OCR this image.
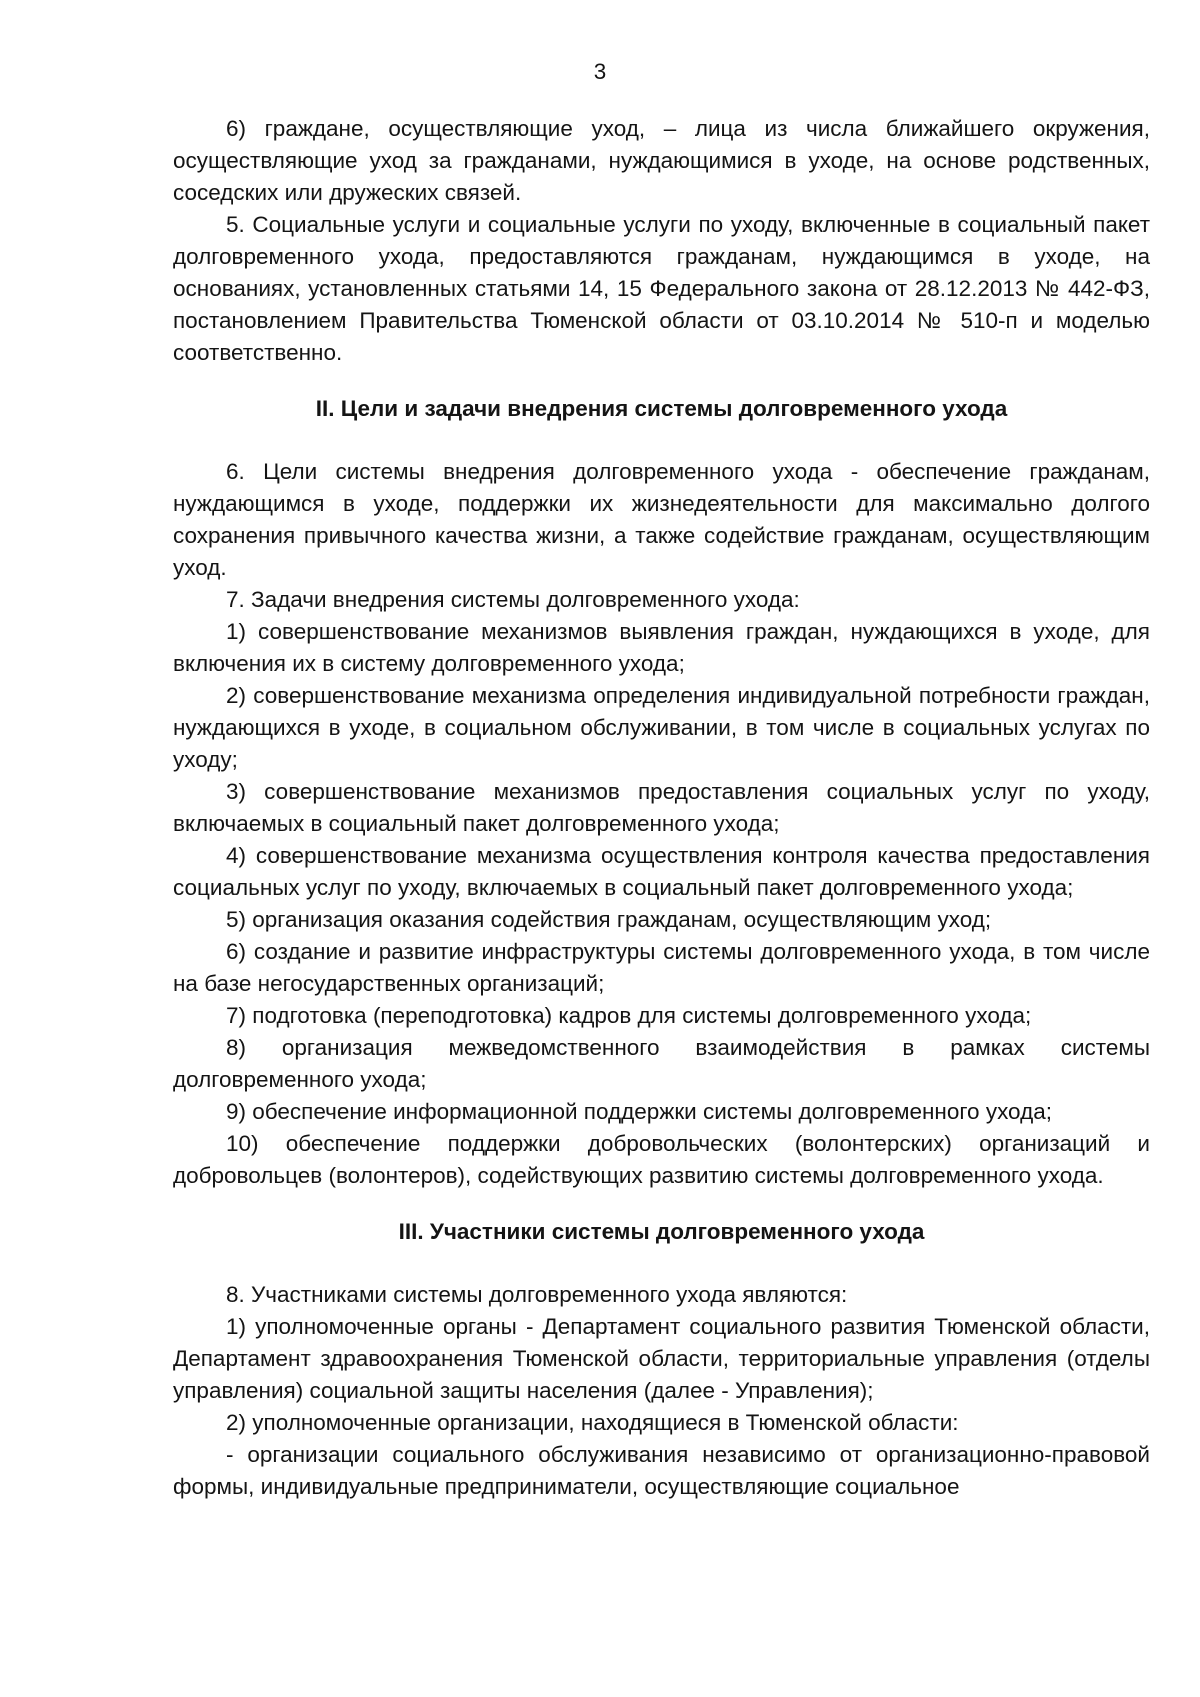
3

6) граждане, осуществляющие уход, – лица из числа ближайшего окружения, осуществляющие уход за гражданами, нуждающимися в уходе, на основе родственных, соседских или дружеских связей.

5. Социальные услуги и социальные услуги по уходу, включенные в социальный пакет долговременного ухода, предоставляются гражданам, нуждающимся в уходе, на основаниях, установленных статьями 14, 15 Федерального закона от 28.12.2013 № 442-ФЗ, постановлением Правительства Тюменской области от 03.10.2014 № 510-п и моделью соответственно.

II. Цели и задачи внедрения системы долговременного ухода

6. Цели системы внедрения долговременного ухода - обеспечение гражданам, нуждающимся в уходе, поддержки их жизнедеятельности для максимально долгого сохранения привычного качества жизни, а также содействие гражданам, осуществляющим уход.

7. Задачи внедрения системы долговременного ухода:

1) совершенствование механизмов выявления граждан, нуждающихся в уходе, для включения их в систему долговременного ухода;

2) совершенствование механизма определения индивидуальной потребности граждан, нуждающихся в уходе, в социальном обслуживании, в том числе в социальных услугах по уходу;

3) совершенствование механизмов предоставления социальных услуг по уходу, включаемых в социальный пакет долговременного ухода;

4) совершенствование механизма осуществления контроля качества предоставления социальных услуг по уходу, включаемых в социальный пакет долговременного ухода;

5) организация оказания содействия гражданам, осуществляющим уход;

6) создание и развитие инфраструктуры системы долговременного ухода, в том числе на базе негосударственных организаций;

7) подготовка (переподготовка) кадров для системы долговременного ухода;

8) организация межведомственного взаимодействия в рамках системы долговременного ухода;

9) обеспечение информационной поддержки системы долговременного ухода;

10) обеспечение поддержки добровольческих (волонтерских) организаций и добровольцев (волонтеров), содействующих развитию системы долговременного ухода.

III. Участники системы долговременного ухода

8. Участниками системы долговременного ухода являются:

1) уполномоченные органы - Департамент социального развития Тюменской области, Департамент здравоохранения Тюменской области, территориальные управления (отделы управления) социальной защиты населения (далее - Управления);

2) уполномоченные организации, находящиеся в Тюменской области:

- организации социального обслуживания независимо от организационно-правовой формы, индивидуальные предприниматели, осуществляющие социальное
